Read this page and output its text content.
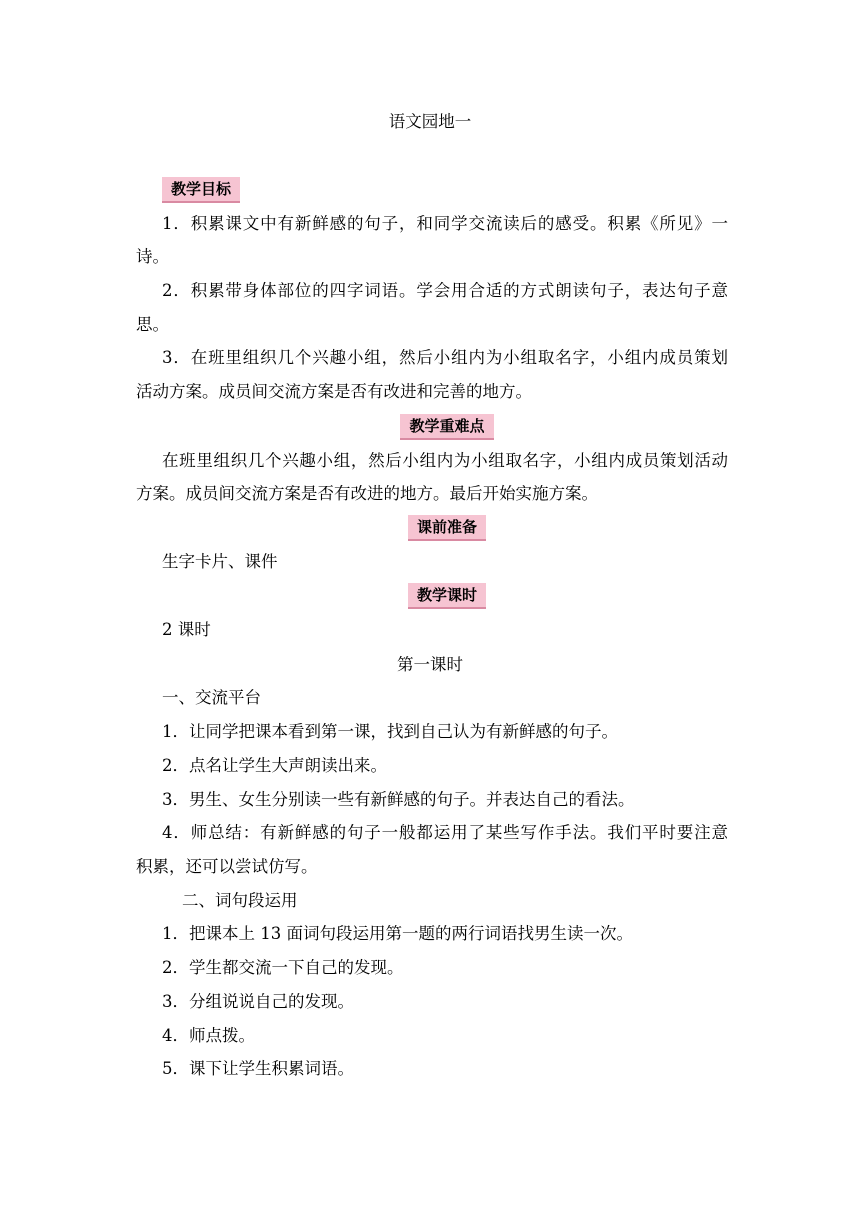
语文园地一
教学目标
1．积累课文中有新鲜感的句子，和同学交流读后的感受。积累《所见》一
诗。
2．积累带身体部位的四字词语。学会用合适的方式朗读句子，表达句子意
思。
3．在班里组织几个兴趣小组，然后小组内为小组取名字，小组内成员策划
活动方案。成员间交流方案是否有改进和完善的地方。
教学重难点
在班里组织几个兴趣小组，然后小组内为小组取名字，小组内成员策划活动
方案。成员间交流方案是否有改进的地方。最后开始实施方案。
课前准备
生字卡片、课件
教学课时
2 课时
第一课时
一、交流平台
1．让同学把课本看到第一课，找到自己认为有新鲜感的句子。
2．点名让学生大声朗读出来。
3．男生、女生分别读一些有新鲜感的句子。并表达自己的看法。
4．师总结：有新鲜感的句子一般都运用了某些写作手法。我们平时要注意
积累，还可以尝试仿写。
二、词句段运用
1．把课本上 13 面词句段运用第一题的两行词语找男生读一次。
2．学生都交流一下自己的发现。
3．分组说说自己的发现。
4．师点拨。
5．课下让学生积累词语。
